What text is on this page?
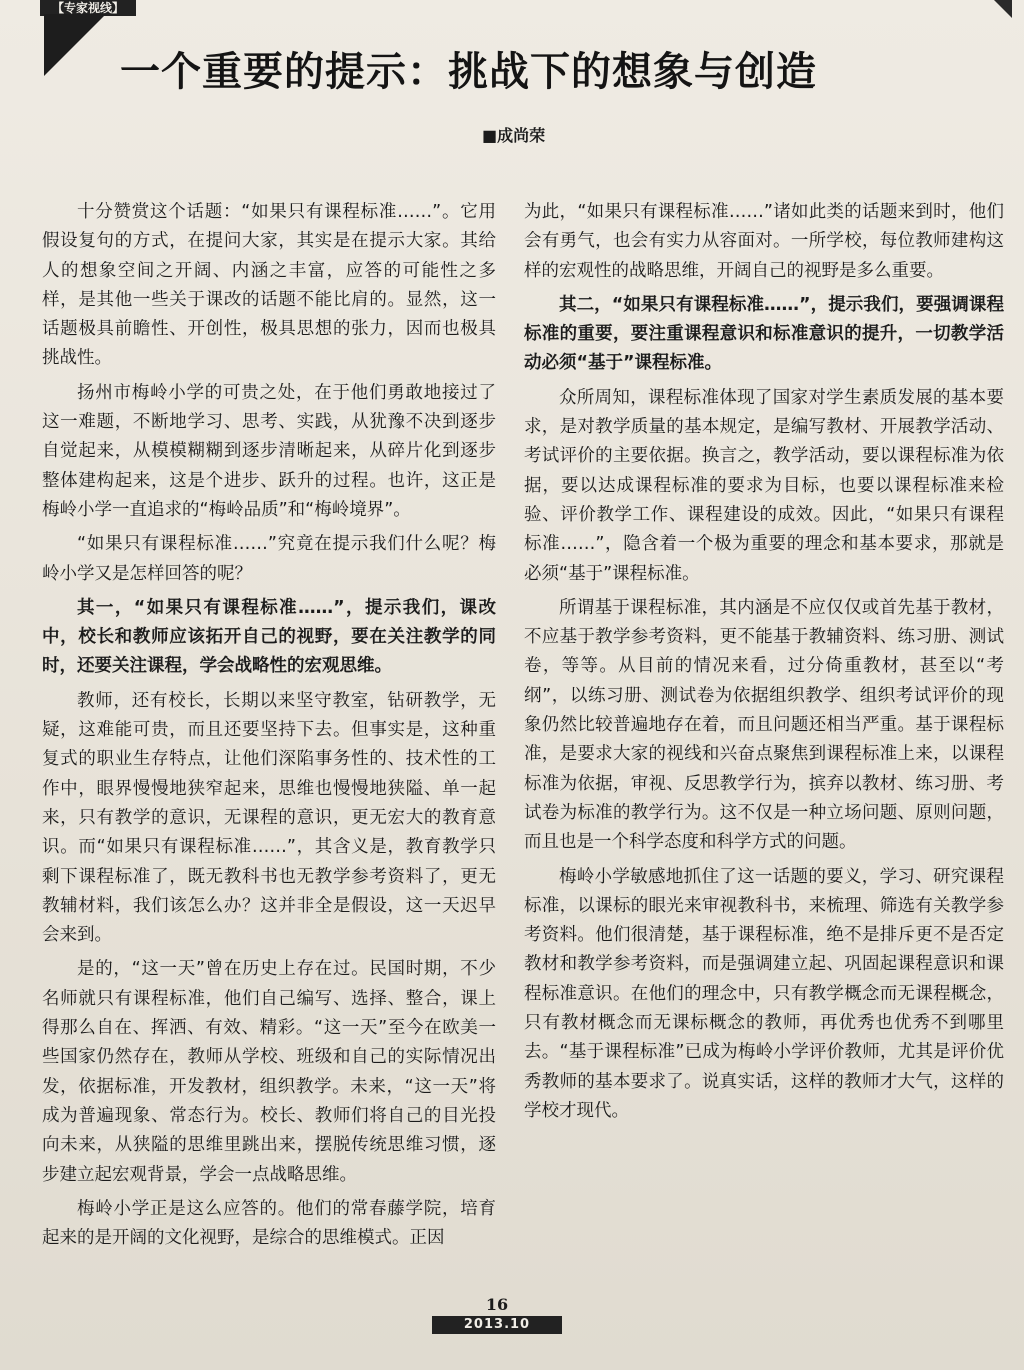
【专家视线】
一个重要的提示：挑战下的想象与创造
■成尚荣

十分赞赏这个话题：“如果只有课程标准……”。它用假设复句的方式，在提问大家，其实是在提示大家。其给人的想象空间之开阔、内涵之丰富，应答的可能性之多样，是其他一些关于课改的话题不能比肩的。显然，这一话题极具前瞻性、开创性，极具思想的张力，因而也极具挑战性。

扬州市梅岭小学的可贵之处，在于他们勇敢地接过了这一难题，不断地学习、思考、实践，从犹豫不决到逐步自觉起来，从模模糊糊到逐步清晰起来，从碎片化到逐步整体建构起来，这是个进步、跃升的过程。也许，这正是梅岭小学一直追求的“梅岭品质”和“梅岭境界”。

“如果只有课程标准……”究竟在提示我们什么呢？梅岭小学又是怎样回答的呢？

其一，“如果只有课程标准……”，提示我们，课改中，校长和教师应该拓开自己的视野，要在关注教学的同时，还要关注课程，学会战略性的宏观思维。

教师，还有校长，长期以来坚守教室，钻研教学，无疑，这难能可贵，而且还要坚持下去。但事实是，这种重复式的职业生存特点，让他们深陷事务性的、技术性的工作中，眼界慢慢地狭窄起来，思维也慢慢地狭隘、单一起来，只有教学的意识，无课程的意识，更无宏大的教育意识。而“如果只有课程标准……”，其含义是，教育教学只剩下课程标准了，既无教科书也无教学参考资料了，更无教辅材料，我们该怎么办？这并非全是假设，这一天迟早会来到。

是的，“这一天”曾在历史上存在过。民国时期，不少名师就只有课程标准，他们自己编写、选择、整合，课上得那么自在、挥洒、有效、精彩。“这一天”至今在欧美一些国家仍然存在，教师从学校、班级和自己的实际情况出发，依据标准，开发教材，组织教学。未来，“这一天”将成为普遍现象、常态行为。校长、教师们将自己的目光投向未来，从狭隘的思维里跳出来，摆脱传统思维习惯，逐步建立起宏观背景，学会一点战略思维。

梅岭小学正是这么应答的。他们的常春藤学院，培育起来的是开阔的文化视野，是综合的思维模式。正因

为此，“如果只有课程标准……”诸如此类的话题来到时，他们会有勇气，也会有实力从容面对。一所学校，每位教师建构这样的宏观性的战略思维，开阔自己的视野是多么重要。

其二，“如果只有课程标准……”，提示我们，要强调课程标准的重要，要注重课程意识和标准意识的提升，一切教学活动必须“基于”课程标准。

众所周知，课程标准体现了国家对学生素质发展的基本要求，是对教学质量的基本规定，是编写教材、开展教学活动、考试评价的主要依据。换言之，教学活动，要以课程标准为依据，要以达成课程标准的要求为目标，也要以课程标准来检验、评价教学工作、课程建设的成效。因此，“如果只有课程标准……”，隐含着一个极为重要的理念和基本要求，那就是必须“基于”课程标准。

所谓基于课程标准，其内涵是不应仅仅或首先基于教材，不应基于教学参考资料，更不能基于教辅资料、练习册、测试卷，等等。从目前的情况来看，过分倚重教材，甚至以“考纲”，以练习册、测试卷为依据组织教学、组织考试评价的现象仍然比较普遍地存在着，而且问题还相当严重。基于课程标准，是要求大家的视线和兴奋点聚焦到课程标准上来，以课程标准为依据，审视、反思教学行为，摈弃以教材、练习册、考试卷为标准的教学行为。这不仅是一种立场问题、原则问题，而且也是一个科学态度和科学方式的问题。

梅岭小学敏感地抓住了这一话题的要义，学习、研究课程标准，以课标的眼光来审视教科书，来梳理、筛选有关教学参考资料。他们很清楚，基于课程标准，绝不是排斥更不是否定教材和教学参考资料，而是强调建立起、巩固起课程意识和课程标准意识。在他们的理念中，只有教学概念而无课程概念，只有教材概念而无课标概念的教师，再优秀也优秀不到哪里去。“基于课程标准”已成为梅岭小学评价教师，尤其是评价优秀教师的基本要求了。说真实话，这样的教师才大气，这样的学校才现代。

16
2013.10
